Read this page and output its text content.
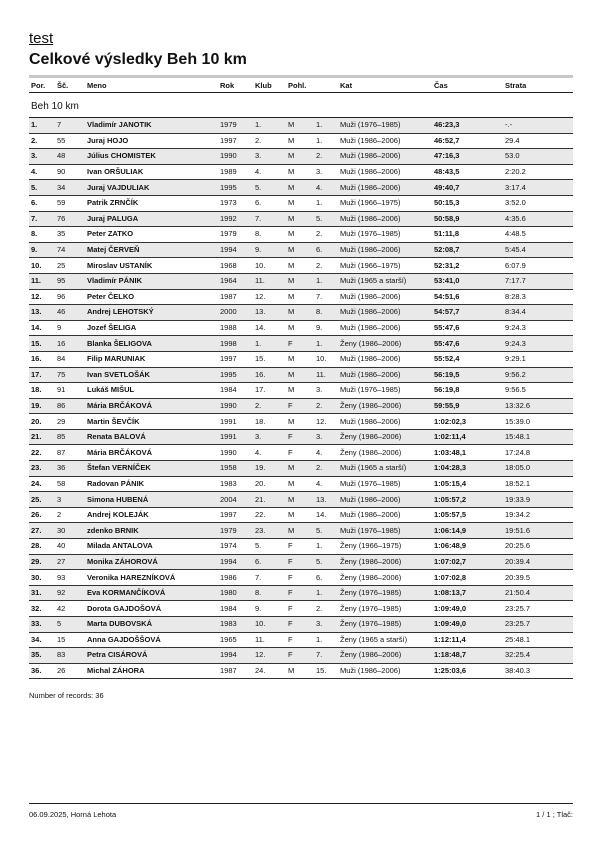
test
Celkové výsledky Beh 10 km
Por.	Šč.	Meno	Rok	Klub	Pohl.		Kat	Čas	Strata
Beh 10 km									
1.	7	Vladimír JANOTIK	1979	1.	M	1.	Muži (1976–1985)	46:23,3	-.-
2.	55	Juraj HOJO	1997	2.	M	1.	Muži (1986–2006)	46:52,7	29.4
3.	48	Július CHOMISTEK	1990	3.	M	2.	Muži (1986–2006)	47:16,3	53.0
4.	90	Ivan ORŠULIAK	1989	4.	M	3.	Muži (1986–2006)	48:43,5	2:20.2
5.	34	Juraj VAJDULIAK	1995	5.	M	4.	Muži (1986–2006)	49:40,7	3:17.4
6.	59	Patrik ZRNČÍK	1973	6.	M	1.	Muži (1966–1975)	50:15,3	3:52.0
7.	76	Juraj PALUGA	1992	7.	M	5.	Muži (1986–2006)	50:58,9	4:35.6
8.	35	Peter ZATKO	1979	8.	M	2.	Muži (1976–1985)	51:11,8	4:48.5
9.	74	Matej ČERVEŇ	1994	9.	M	6.	Muži (1986–2006)	52:08,7	5:45.4
10.	25	Miroslav USTANÍK	1968	10.	M	2.	Muži (1966–1975)	52:31,2	6:07.9
11.	95	Vladimír PÁNIK	1964	11.	M	1.	Muži (1965 a starší)	53:41,0	7:17.7
12.	96	Peter ČELKO	1987	12.	M	7.	Muži (1986–2006)	54:51,6	8:28.3
13.	46	Andrej LEHOTSKÝ	2000	13.	M	8.	Muži (1986–2006)	54:57,7	8:34.4
14.	9	Jozef ŠELIGA	1988	14.	M	9.	Muži (1986–2006)	55:47,6	9:24.3
15.	16	Blanka ŠELIGOVA	1998	1.	F	1.	Ženy (1986–2006)	55:47,6	9:24.3
16.	84	Filip MARUNIAK	1997	15.	M	10.	Muži (1986–2006)	55:52,4	9:29.1
17.	75	Ivan SVETLOŠÁK	1995	16.	M	11.	Muži (1986–2006)	56:19,5	9:56.2
18.	91	Lukáš MIŠUL	1984	17.	M	3.	Muži (1976–1985)	56:19,8	9:56.5
19.	86	Mária BRČÁKOVÁ	1990	2.	F	2.	Ženy (1986–2006)	59:55,9	13:32.6
20.	29	Martin ŠEVČÍK	1991	18.	M	12.	Muži (1986–2006)	1:02:02,3	15:39.0
21.	85	Renata BALOVÁ	1991	3.	F	3.	Ženy (1986–2006)	1:02:11,4	15:48.1
22.	87	Mária BRČÁKOVÁ	1990	4.	F	4.	Ženy (1986–2006)	1:03:48,1	17:24.8
23.	36	Štefan VERNÍČEK	1958	19.	M	2.	Muži (1965 a starší)	1:04:28,3	18:05.0
24.	58	Radovan PÁNIK	1983	20.	M	4.	Muži (1976–1985)	1:05:15,4	18:52.1
25.	3	Simona HUBENÁ	2004	21.	M	13.	Muži (1986–2006)	1:05:57,2	19:33.9
26.	2	Andrej KOLEJÁK	1997	22.	M	14.	Muži (1986–2006)	1:05:57,5	19:34.2
27.	30	zdenko BRNIK	1979	23.	M	5.	Muži (1976–1985)	1:06:14,9	19:51.6
28.	40	Milada ANTALOVA	1974	5.	F	1.	Ženy (1966–1975)	1:06:48,9	20:25.6
29.	27	Monika ZÁHOROVÁ	1994	6.	F	5.	Ženy (1986–2006)	1:07:02,7	20:39.4
30.	93	Veronika HAREZNÍKOVÁ	1986	7.	F	6.	Ženy (1986–2006)	1:07:02,8	20:39.5
31.	92	Eva KORMANČÍKOVÁ	1980	8.	F	1.	Ženy (1976–1985)	1:08:13,7	21:50.4
32.	42	Dorota GAJDOŠOVÁ	1984	9.	F	2.	Ženy (1976–1985)	1:09:49,0	23:25.7
33.	5	Marta DUBOVSKÁ	1983	10.	F	3.	Ženy (1976–1985)	1:09:49,0	23:25.7
34.	15	Anna GAJDOŠŠOVÁ	1965	11.	F	1.	Ženy (1965 a starší)	1:12:11,4	25:48.1
35.	83	Petra CISÁROVÁ	1994	12.	F	7.	Ženy (1986–2006)	1:18:48,7	32:25.4
36.	26	Michal ZÁHORA	1987	24.	M	15.	Muži (1986–2006)	1:25:03,6	38:40.3
Number of records: 36
06.09.2025, Horná Lehota	1 / 1 ; Tlač:
